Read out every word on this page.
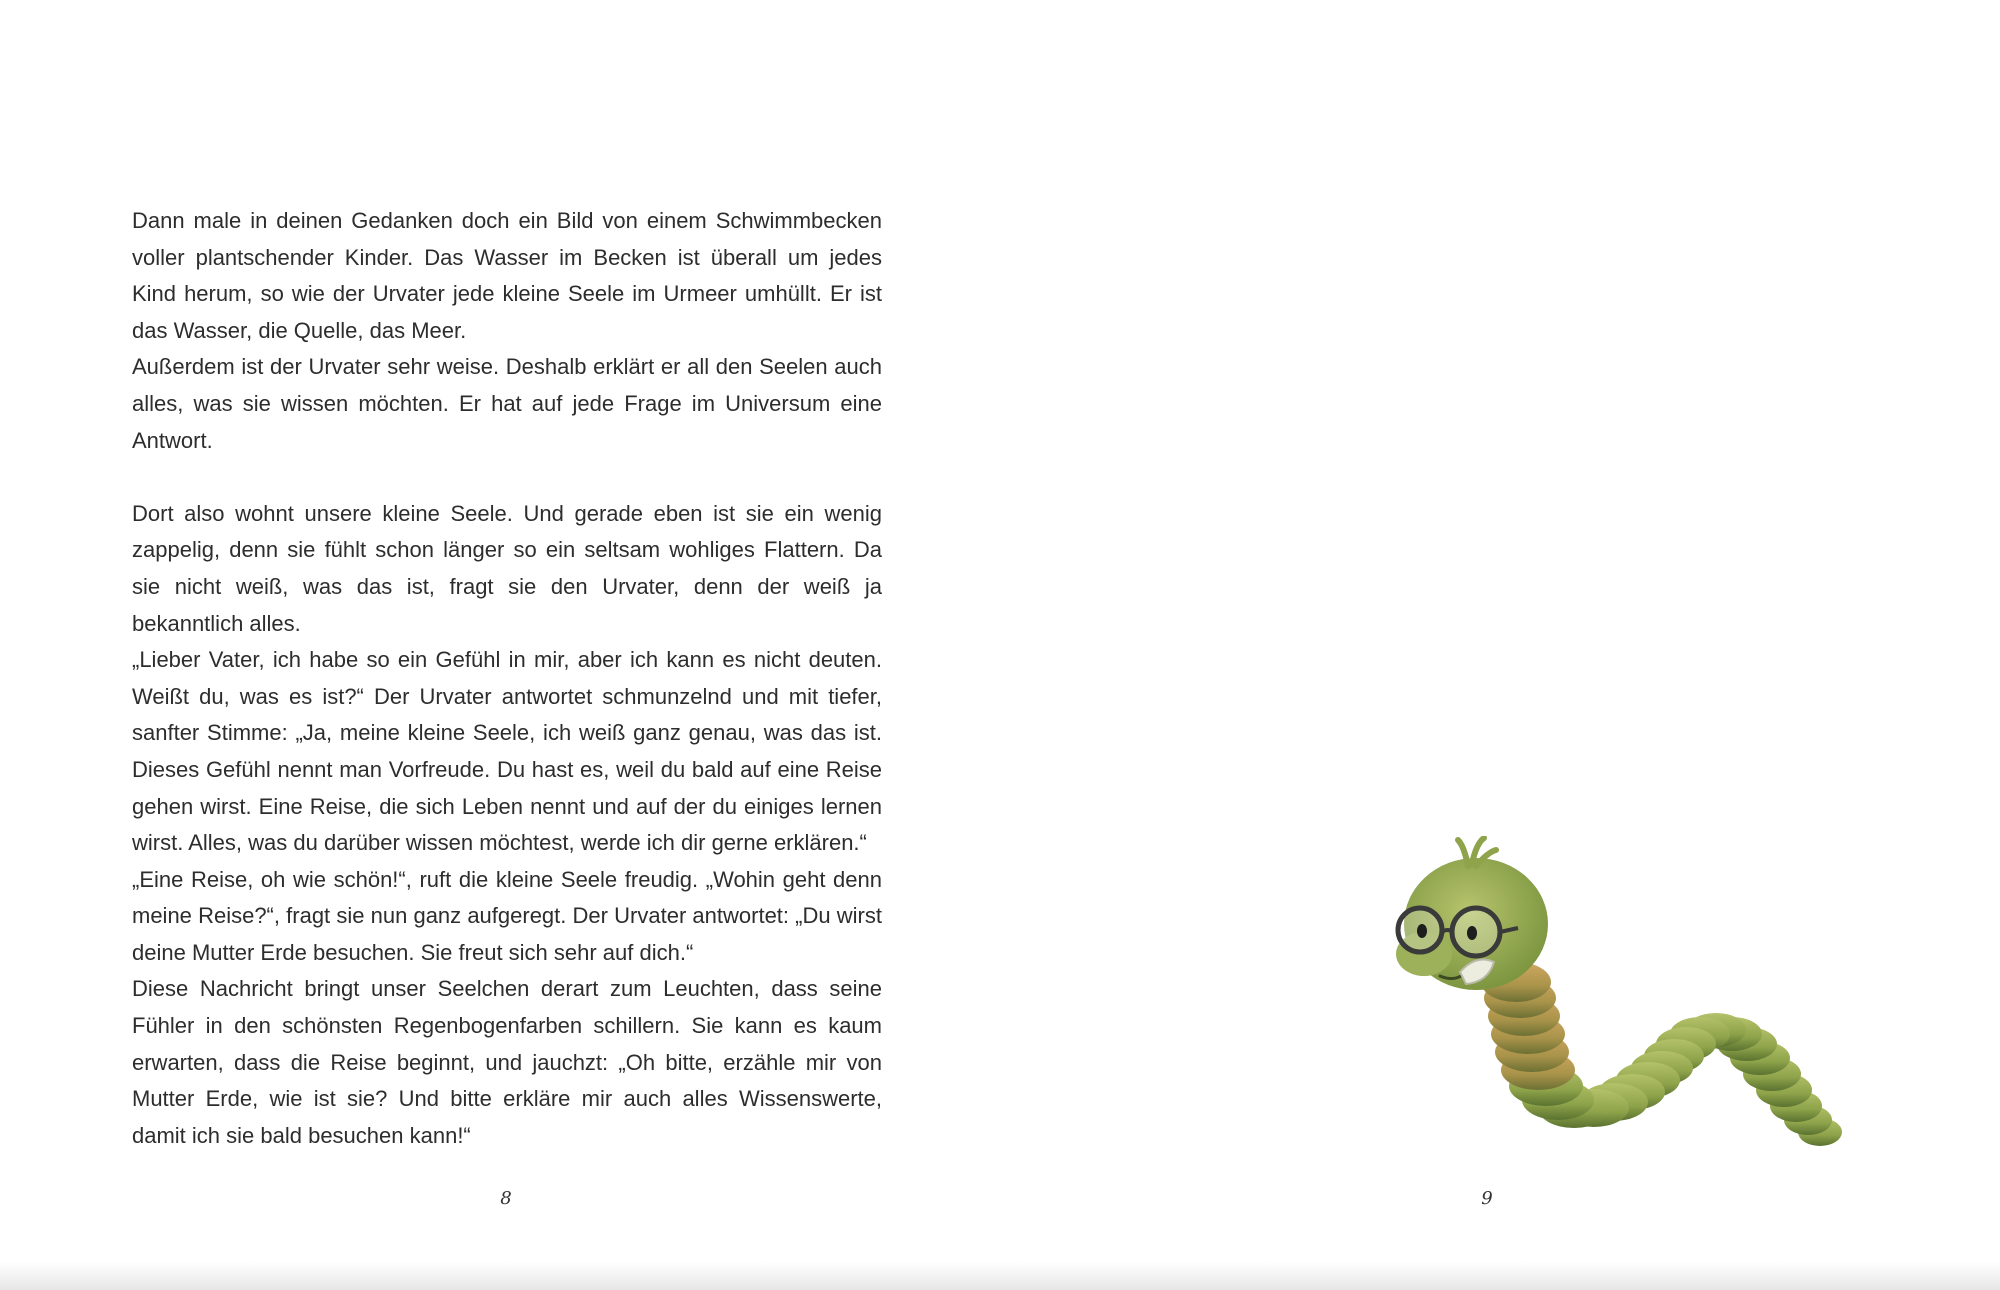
Dann male in deinen Gedanken doch ein Bild von einem Schwimmbecken voller plantschender Kinder. Das Wasser im Becken ist überall um jedes Kind herum, so wie der Urvater jede kleine Seele im Urmeer umhüllt. Er ist das Wasser, die Quelle, das Meer.

Außerdem ist der Urvater sehr weise. Deshalb erklärt er all den Seelen auch alles, was sie wissen möchten. Er hat auf jede Frage im Universum eine Antwort.

Dort also wohnt unsere kleine Seele. Und gerade eben ist sie ein wenig zappelig, denn sie fühlt schon länger so ein seltsam wohliges Flattern. Da sie nicht weiß, was das ist, fragt sie den Urvater, denn der weiß ja bekanntlich alles.

„Lieber Vater, ich habe so ein Gefühl in mir, aber ich kann es nicht deuten. Weißt du, was es ist?“ Der Urvater antwortet schmunzelnd und mit tiefer, sanfter Stimme: „Ja, meine kleine Seele, ich weiß ganz genau, was das ist. Dieses Gefühl nennt man Vorfreude. Du hast es, weil du bald auf eine Reise gehen wirst. Eine Reise, die sich Leben nennt und auf der du einiges lernen wirst. Alles, was du darüber wissen möchtest, werde ich dir gerne erklären.“

„Eine Reise, oh wie schön!“, ruft die kleine Seele freudig. „Wohin geht denn meine Reise?“, fragt sie nun ganz aufgeregt. Der Urvater antwortet: „Du wirst deine Mutter Erde besuchen. Sie freut sich sehr auf dich.“

Diese Nachricht bringt unser Seelchen derart zum Leuchten, dass seine Fühler in den schönsten Regenbogenfarben schillern. Sie kann es kaum erwarten, dass die Reise beginnt, und jauchzt: „Oh bitte, erzähle mir von Mutter Erde, wie ist sie? Und bitte erkläre mir auch alles Wissenswerte, damit ich sie bald besuchen kann!“

8	9
